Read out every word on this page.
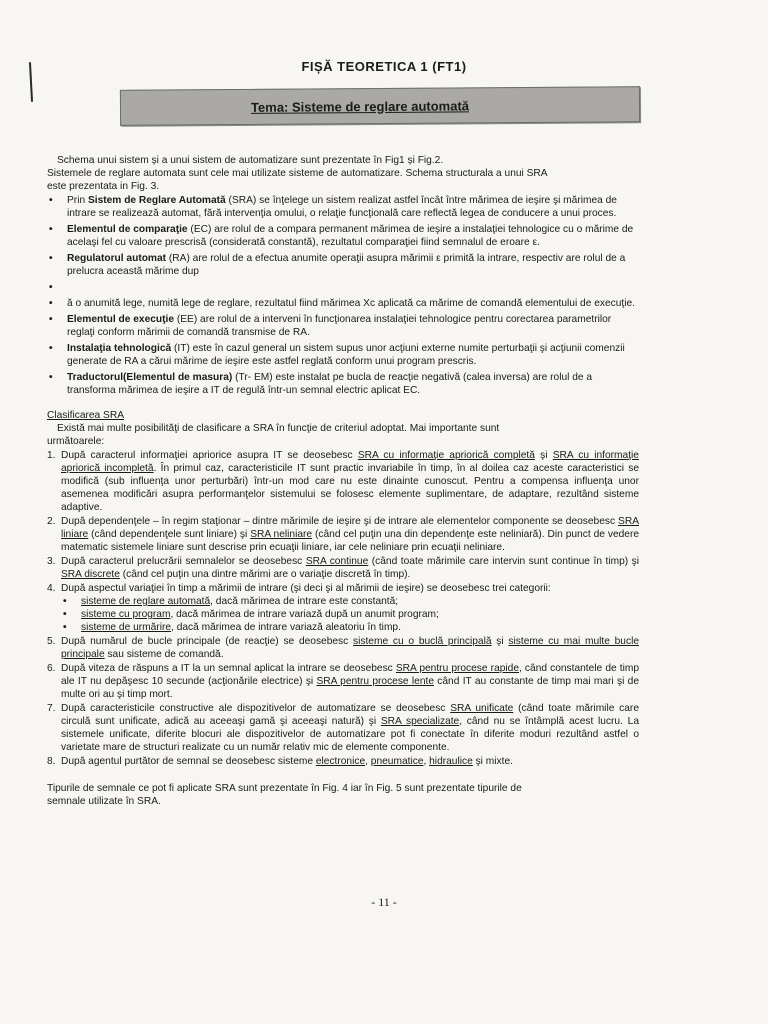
FIȘĂ TEORETICA 1 (FT1)
Tema: Sisteme de reglare automată

Schema unui sistem și a unui sistem de automatizare sunt prezentate în Fig1 și Fig.2.
Sistemele de reglare automata sunt cele mai utilizate sisteme de automatizare. Schema structurala a unui SRA
este prezentata in Fig. 3.

• Prin Sistem de Reglare Automată (SRA) se înţelege un sistem realizat astfel încât între mărimea de ieşire şi mărimea de intrare se realizează automat, fără intervenţia omului, o relaţie funcţională care reflectă legea de conducere a unui proces.
• Elementul de comparaţie (EC) are rolul de a compara permanent mărimea de ieşire a instalaţiei tehnologice cu o mărime de acelaşi fel cu valoare prescrisă (considerată constantă), rezultatul comparaţiei fiind semnalul de eroare ε.
• Regulatorul automat (RA) are rolul de a efectua anumite operaţii asupra mărimii ε primită la intrare, respectiv are rolul de a prelucra această mărime dup
•

• ă o anumită lege, numită lege de reglare, rezultatul fiind mărimea Xc aplicată ca mărime de comandă elementului de execuţie.
• Elementul de execuţie (EE) are rolul de a interveni în funcţionarea instalaţiei tehnologice pentru corectarea parametrilor reglaţi conform mărimii de comandă transmise de RA.
• Instalaţia tehnologică (IT) este în cazul general un sistem supus unor acţiuni externe numite perturbaţii şi acţiunii comenzii generate de RA a cărui mărime de ieşire este astfel reglată conform unui program prescris.
• Traductorul(Elementul de masura) (Tr- EM) este instalat pe bucla de reacţie negativă (calea inversa) are rolul de a transforma mărimea de ieşire a IT de regulă într-un semnal electric aplicat EC.
Clasificarea SRA
Există mai multe posibilităţi de clasificare a SRA în funcţie de criteriul adoptat. Mai importante sunt
următoarele:
1. După caracterul informaţiei apriorice asupra IT se deosebesc SRA cu informaţie apriorică completă şi SRA cu informaţie apriorică incompletă. În primul caz, caracteristicile IT sunt practic invariabile în timp, în al doilea caz aceste caracteristici se modifică (sub influenţa unor perturbări) într-un mod care nu este dinainte cunoscut. Pentru a compensa influenţa unor asemenea modificări asupra performanţelor sistemului se folosesc elemente suplimentare, de adaptare, rezultând sisteme adaptive.
2. După dependenţele – în regim staţionar – dintre mărimile de ieşire şi de intrare ale elementelor componente se deosebesc SRA liniare (când dependenţele sunt liniare) şi SRA neliniare (când cel puţin una din dependenţe este neliniară). Din punct de vedere matematic sistemele liniare sunt descrise prin ecuaţii liniare, iar cele neliniare prin ecuaţii neliniare.
3. După caracterul prelucrării semnalelor se deosebesc SRA continue (când toate mărimile care intervin sunt continue în timp) şi SRA discrete (când cel puţin una dintre mărimi are o variaţie discretă în timp).
4. După aspectul variaţiei în timp a mărimii de intrare (şi deci şi al mărimii de ieşire) se deosebesc trei categorii:
• sisteme de reglare automată, dacă mărimea de intrare este constantă;
• sisteme cu program, dacă mărimea de intrare variază după un anumit program;
• sisteme de urmărire, dacă mărimea de intrare variază aleatoriu în timp.
5. După numărul de bucle principale (de reacţie) se deosebesc sisteme cu o buclă principală şi sisteme cu mai multe bucle principale sau sisteme de comandă.
6. După viteza de răspuns a IT la un semnal aplicat la intrare se deosebesc SRA pentru procese rapide, când constantele de timp ale IT nu depăşesc 10 secunde (acţionările electrice) şi SRA pentru procese lente când IT au constante de timp mai mari şi de multe ori au şi timp mort.
7. După caracteristicile constructive ale dispozitivelor de automatizare se deosebesc SRA unificate (când toate mărimile care circulă sunt unificate, adică au aceeaşi gamă şi aceeaşi natură) şi SRA specializate, când nu se întâmplă acest lucru. La sistemele unificate, diferite blocuri ale dispozitivelor de automatizare pot fi conectate în diferite moduri rezultând astfel o varietate mare de structuri realizate cu un număr relativ mic de elemente componente.
8. După agentul purtător de semnal se deosebesc sisteme electronice, pneumatice, hidraulice şi mixte.
Tipurile de semnale ce pot fi aplicate SRA sunt prezentate în Fig. 4 iar în Fig. 5 sunt prezentate tipurile de
semnale utilizate în SRA.
- 11 -
